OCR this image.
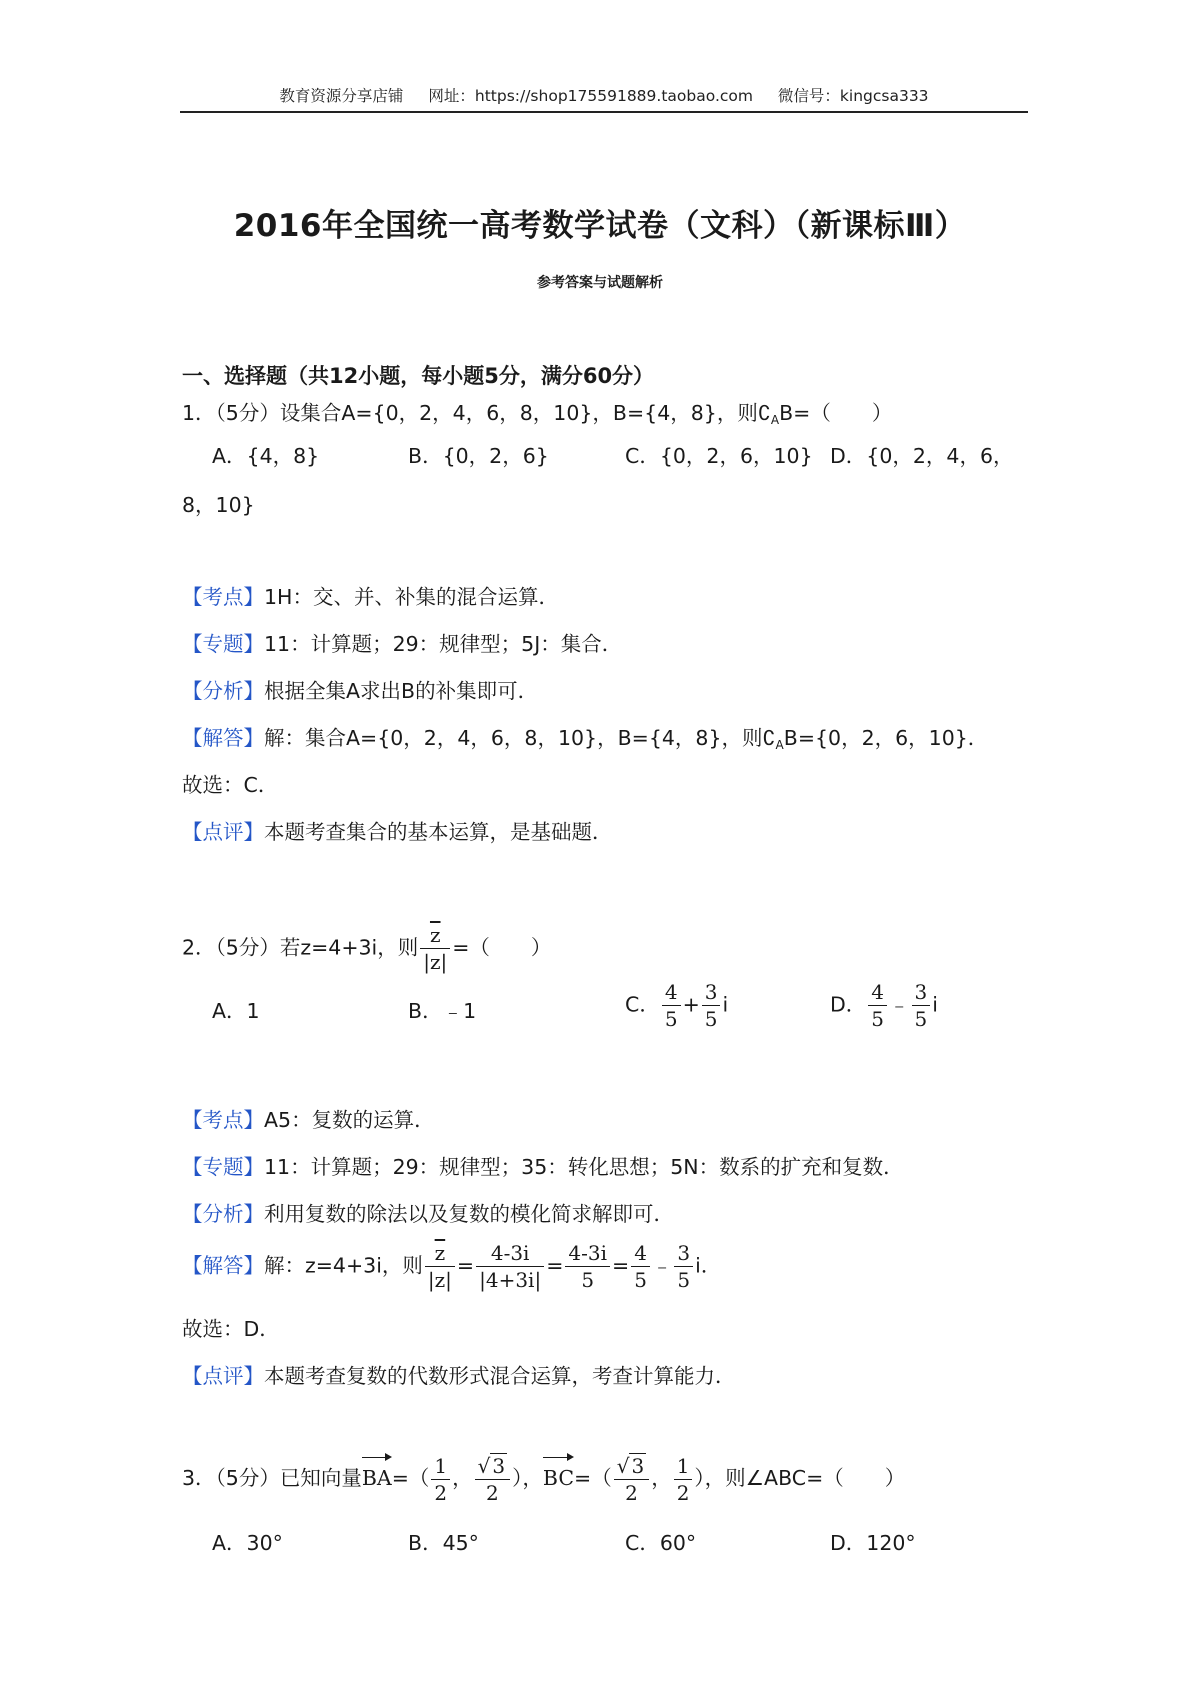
教育资源分享店铺 网址：https://shop175591889.taobao.com 微信号：kingcsa333
2016年全国统一高考数学试卷（文科）（新课标Ⅲ）
参考答案与试题解析
一、选择题（共12小题，每小题5分，满分60分）
1．（5分）设集合A={0，2，4，6，8，10}，B={4，8}，则$∁_AB=$（　　）
A．{4，8}	B．{0，2，6}	C．{0，2，6，10} D．{0，2，4，6，
8，10}
【考点】1H：交、并、补集的混合运算．
【专题】11：计算题；29：规律型；5J：集合．
【分析】根据全集A求出B的补集即可．
【解答】解：集合A={0，2，4，6，8，10}，B={4，8}，则$∁_AB=\{0$，2，6，10}．
故选：C．
【点评】本题考查集合的基本运算，是基础题．
2．（5分）若z=4+3i，则 $\frac{\overline{z}}{|z|}$ =（　　）
A．1	B．﹣1	C． $\frac{4}{5} + \frac{3}{5}$ i	D． $\frac{4}{5}$ ﹣ $\frac{3}{5}$ i
【考点】A5：复数的运算．
【专题】11：计算题；29：规律型；35：转化思想；5N：数系的扩充和复数．
【分析】利用复数的除法以及复数的模化简求解即可．
【解答】解：z=4+3i，则 $\frac{\overline{z}}{|z|} = \frac{4-3i}{|4+3i|} = \frac{4-3i}{5} = \frac{4}{5}$ ﹣ $\frac{3}{5}$ i．
故选：D．
【点评】本题考查复数的代数形式混合运算，考查计算能力．
3．（5分）已知向量$BA=( \frac{1}{2}$ ， $\frac{√ 3}{2}$ ），$BC=( \frac{√ 3}{2}$ ， $\frac{1}{2}$ ），则∠ABC=（　　）
A．30°	B．45°	C．60°	D．120°
